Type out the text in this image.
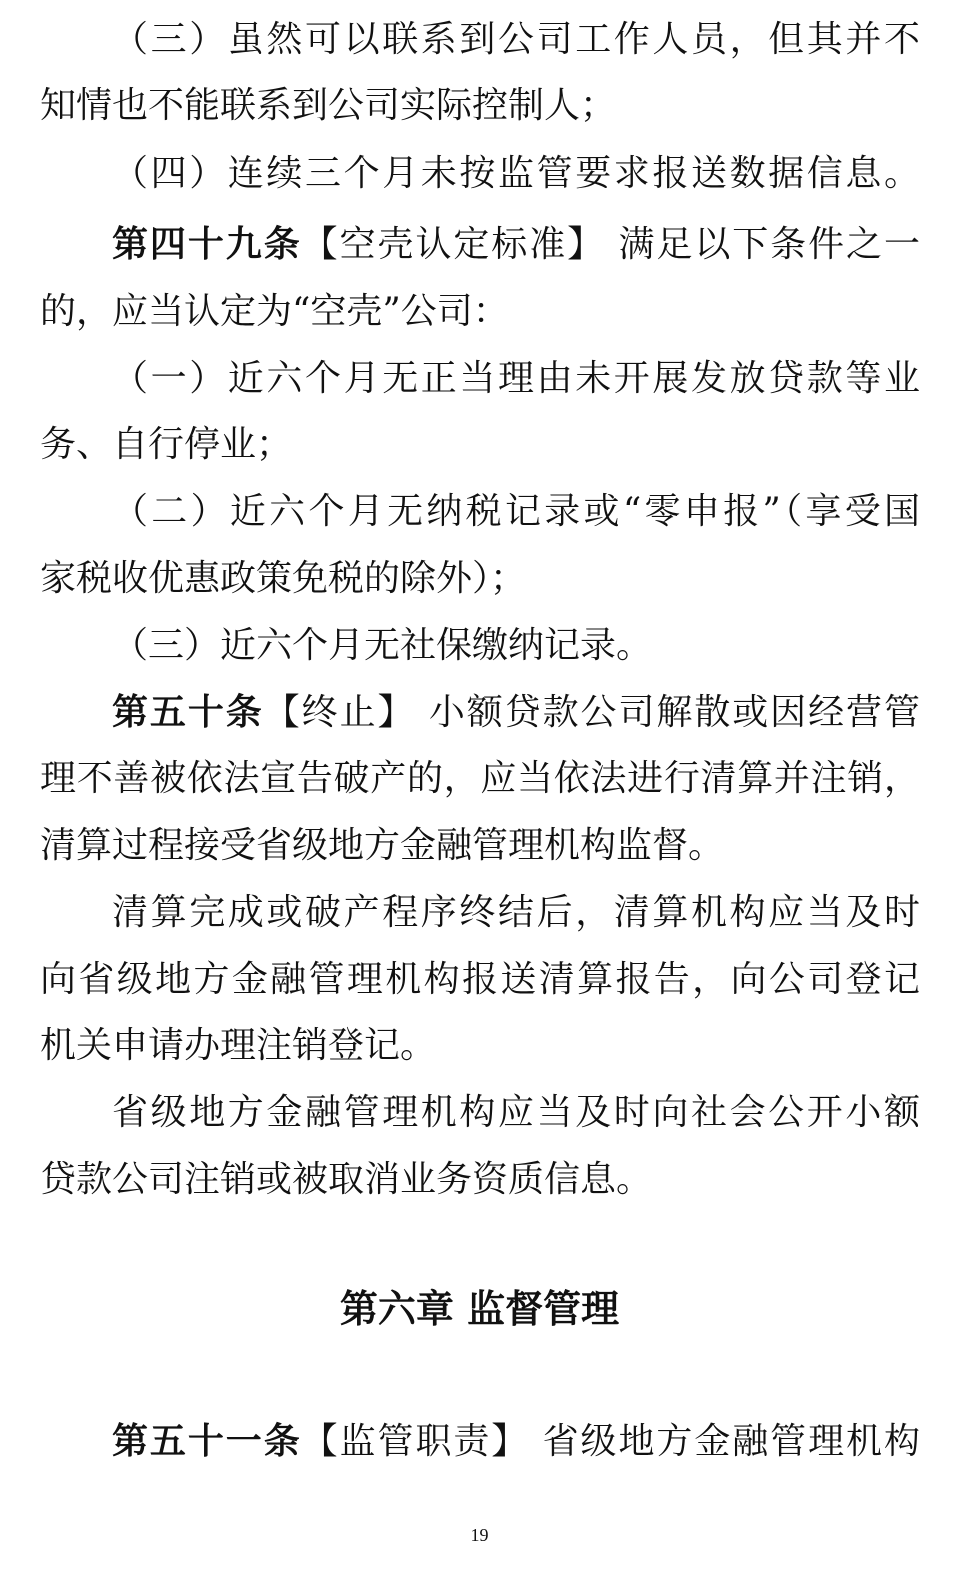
（三）虽然可以联系到公司工作人员，但其并不
知情也不能联系到公司实际控制人；
（四）连续三个月未按监管要求报送数据信息。
第四十九条【空壳认定标准】 满足以下条件之一
的，应当认定为“空壳”公司：
（一）近六个月无正当理由未开展发放贷款等业
务、自行停业；
（二）近六个月无纳税记录或“零申报”（享受国
家税收优惠政策免税的除外）；
（三）近六个月无社保缴纳记录。
第五十条【终止】 小额贷款公司解散或因经营管
理不善被依法宣告破产的，应当依法进行清算并注销，
清算过程接受省级地方金融管理机构监督。
清算完成或破产程序终结后，清算机构应当及时
向省级地方金融管理机构报送清算报告，向公司登记
机关申请办理注销登记。
省级地方金融管理机构应当及时向社会公开小额
贷款公司注销或被取消业务资质信息。
第六章 监督管理
第五十一条【监管职责】 省级地方金融管理机构
19
